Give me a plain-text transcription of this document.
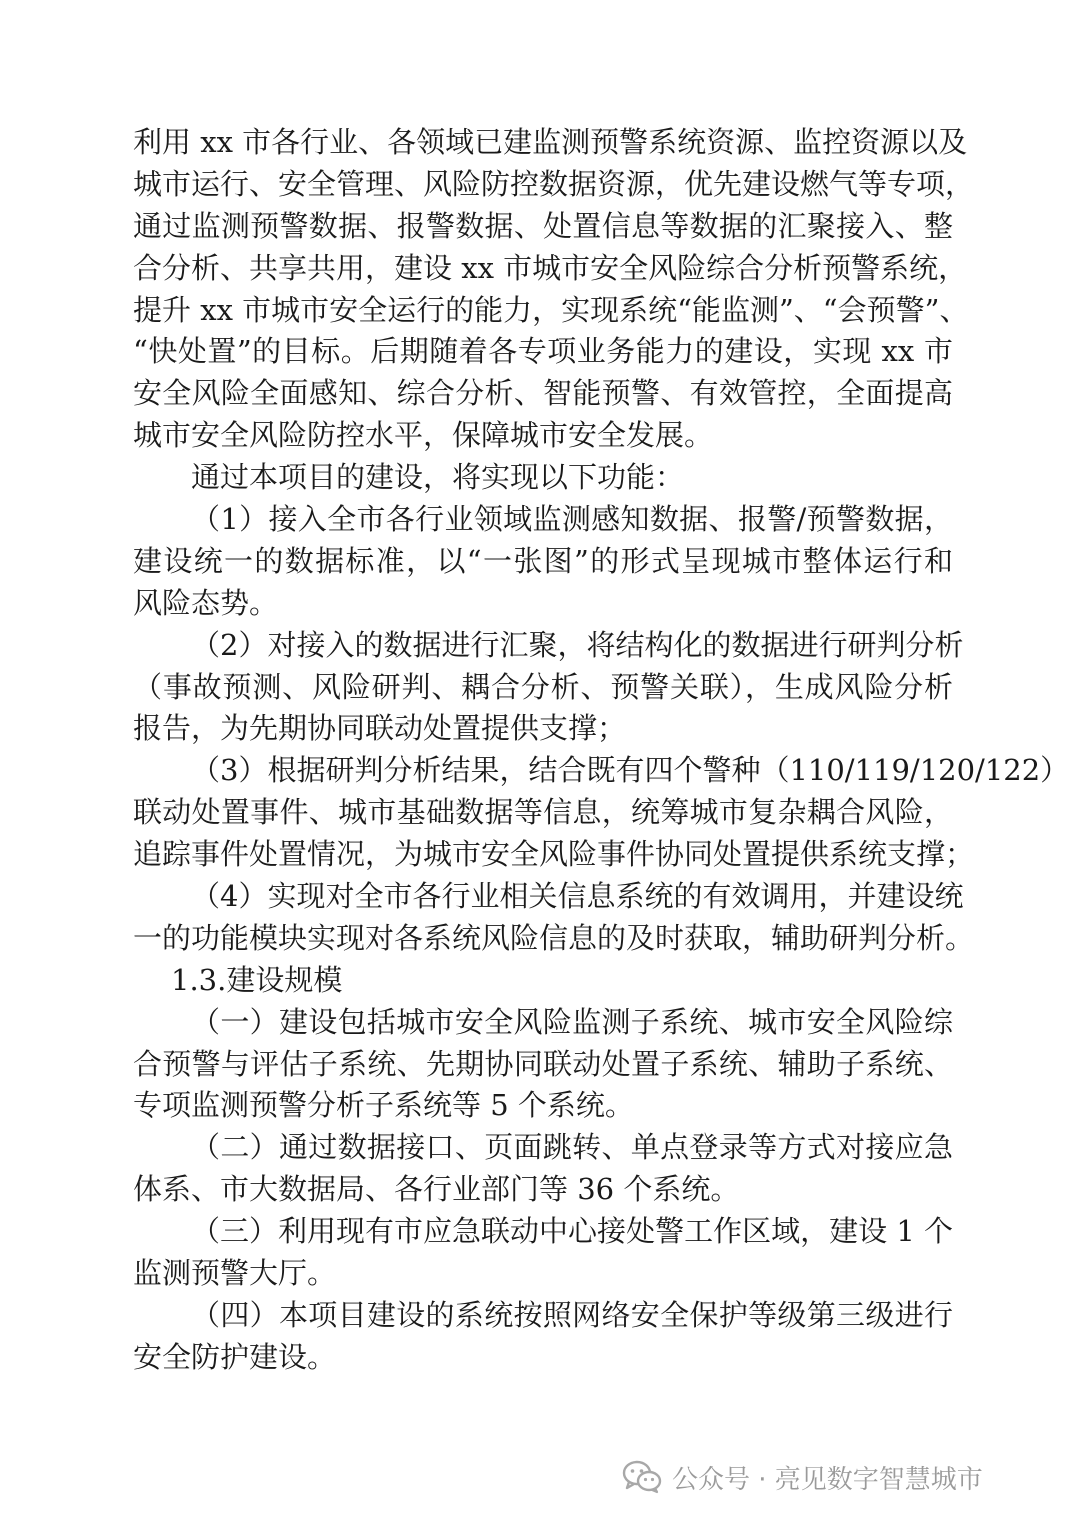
利用 xx 市各行业、各领域已建监测预警系统资源、监控资源以及
城市运行、安全管理、风险防控数据资源，优先建设燃气等专项，
通过监测预警数据、报警数据、处置信息等数据的汇聚接入、整
合分析、共享共用，建设 xx 市城市安全风险综合分析预警系统，
提升 xx 市城市安全运行的能力，实现系统“能监测”、“会预警”、
“快处置”的目标。后期随着各专项业务能力的建设，实现 xx 市
安全风险全面感知、综合分析、智能预警、有效管控，全面提高
城市安全风险防控水平，保障城市安全发展。
通过本项目的建设，将实现以下功能：
（1）接入全市各行业领域监测感知数据、报警/预警数据，
建设统一的数据标准，以“一张图”的形式呈现城市整体运行和
风险态势。
（2）对接入的数据进行汇聚，将结构化的数据进行研判分析
（事故预测、风险研判、耦合分析、预警关联），生成风险分析
报告，为先期协同联动处置提供支撑；
（3）根据研判分析结果，结合既有四个警种（110/119/120/122）
联动处置事件、城市基础数据等信息，统筹城市复杂耦合风险，
追踪事件处置情况，为城市安全风险事件协同处置提供系统支撑；
（4）实现对全市各行业相关信息系统的有效调用，并建设统
一的功能模块实现对各系统风险信息的及时获取，辅助研判分析。
1.3.建设规模
（一）建设包括城市安全风险监测子系统、城市安全风险综
合预警与评估子系统、先期协同联动处置子系统、辅助子系统、
专项监测预警分析子系统等 5 个系统。
（二）通过数据接口、页面跳转、单点登录等方式对接应急
体系、市大数据局、各行业部门等 36 个系统。
（三）利用现有市应急联动中心接处警工作区域，建设 1 个
监测预警大厅。
（四）本项目建设的系统按照网络安全保护等级第三级进行
安全防护建设。
公众号 · 亮见数字智慧城市
